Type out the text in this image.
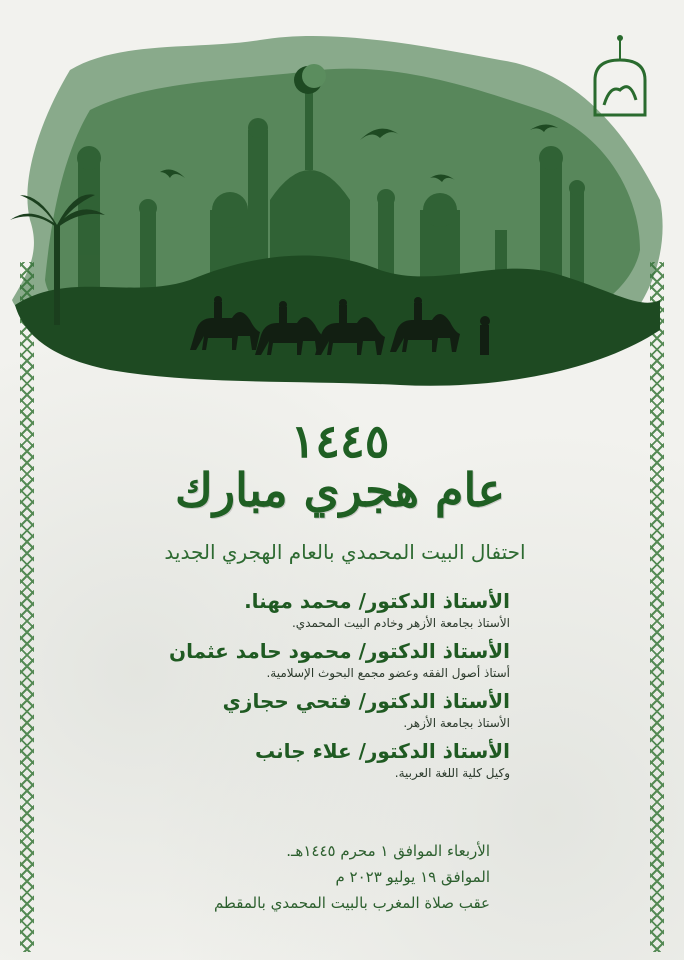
١٤٤٥
عام هجري مبارك
احتفال البيت المحمدي بالعام الهجري الجديد
الأستاذ الدكتور/ محمد مهنا.
الأستاذ بجامعة الأزهر وخادم البيت المحمدي.
الأستاذ الدكتور/ محمود حامد عثمان
أستاذ أصول الفقه وعضو مجمع البحوث الإسلامية.
الأستاذ الدكتور/ فتحي حجازي
الأستاذ بجامعة الأزهر.
الأستاذ الدكتور/ علاء جانب
وكيل كلية اللغة العربية.
الأربعاء الموافق ١ محرم ١٤٤٥هـ.
الموافق ١٩ يوليو ٢٠٢٣ م
عقب صلاة المغرب بالبيت المحمدي بالمقطم
